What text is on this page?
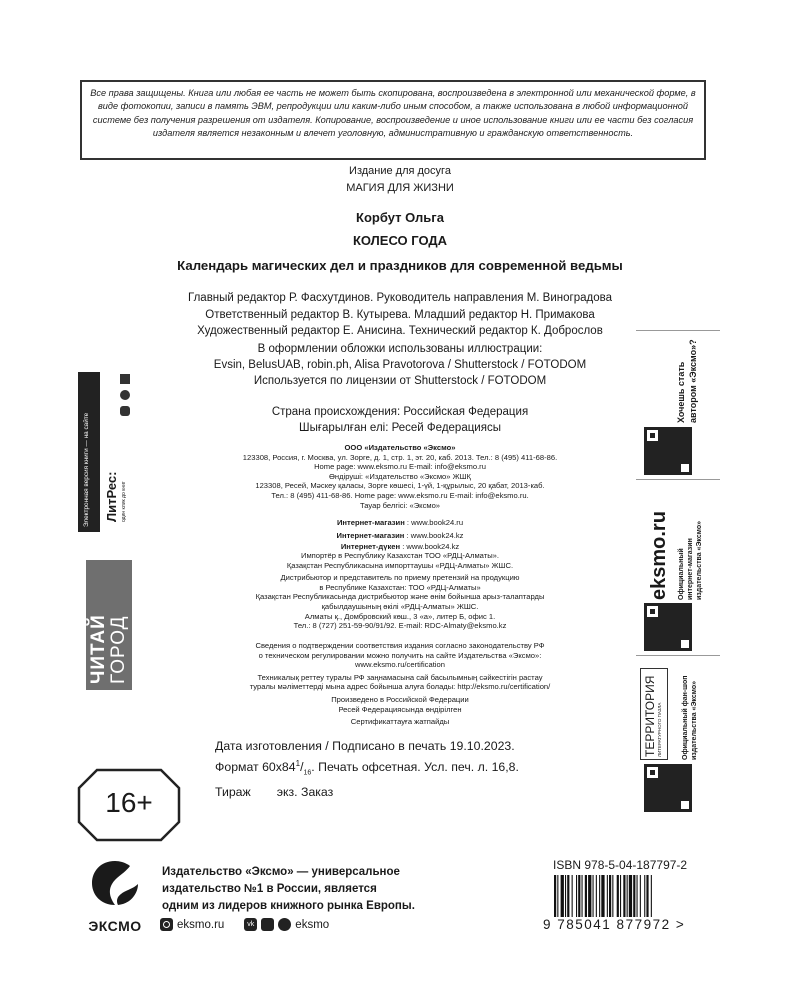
Все права защищены. Книга или любая ее часть не может быть скопирована, воспроизведена в электронной или механической форме, в виде фотокопии, записи в память ЭВМ, репродукции или каким-либо иным способом, а также использована в любой информационной системе без получения разрешения от издателя. Копирование, воспроизведение и иное использование книги или ее части без согласия издателя является незаконным и влечет уголовную, административную и гражданскую ответственность.
Издание для досуга
МАГИЯ ДЛЯ ЖИЗНИ
Корбут Ольга
КОЛЕСО ГОДА
Календарь магических дел и праздников для современной ведьмы
Главный редактор Р. Фасхутдинов. Руководитель направления М. Виноградова
Ответственный редактор В. Кутырева. Младший редактор Н. Примакова
Художественный редактор Е. Анисина. Технический редактор К. Доброслов
В оформлении обложки использованы иллюстрации:
Evsin, BelusUAB, robin.ph, Alisa Pravotorova / Shutterstock / FOTODOM
Используется по лицензии от Shutterstock / FOTODOM
Страна происхождения: Российская Федерация
Шығарылған елі: Ресей Федерациясы
ООО «Издательство «Эксмо»
123308, Россия, г. Москва, ул. Зорге, д. 1, стр. 1, эт. 20, каб. 2013. Тел.: 8 (495) 411-68-86.
Home page: www.eksmo.ru E-mail: info@eksmo.ru
Өндіруші: «Издательство «Эксмо» ЖШҚ
123308, Ресей, Мәскеу қаласы, Зорге көшесі, 1-үй, 1-құрылыс, 20 қабат, 2013-каб.
Тел.: 8 (495) 411-68-86. Home page: www.eksmo.ru E-mail: info@eksmo.ru.
Тауар белгісі: «Эксмо»
Интернет-магазин : www.book24.ru
Интернет-магазин : www.book24.kz
Интернет-дүкен : www.book24.kz
Импортёр в Республику Казахстан ТОО «РДЦ-Алматы».
Қазақстан Республикасына импорттаушы «РДЦ-Алматы» ЖШС.
Дистрибьютор и представитель по приему претензий на продукцию
в Республике Казахстан: ТОО «РДЦ-Алматы»
Қазақстан Республикасында дистрибьютор және өнім бойынша арыз-талаптарды
қабылдаушының өкілі «РДЦ-Алматы» ЖШС.
Алматы қ., Домбровский көш., 3 «а», литер Б, офис 1.
Тел.: 8 (727) 251-59-90/91/92. E-mail: RDC-Almaty@eksmo.kz
Сведения о подтверждении соответствия издания согласно законодательству РФ
о техническом регулировании можно получить на сайте Издательства «Эксмо»:
www.eksmo.ru/certification
Техникалық реттеу туралы РФ заңнамасына сай басылымның сәйкестігін растау
туралы мәліметтерді мына адрес бойынша алуға болады: http://eksmo.ru/certification/
Произведено в Российской Федерации
Ресей Федерациясында өндірілген
Сертификаттауға жатпайды
Дата изготовления / Подписано в печать 19.10.2023.
Формат $60x84^1/_{16}$. Печать офсетная. Усл. печ. л. 16,8.
Тираж экз. Заказ
16+
ЭКСМО
Издательство «Эксмо» — универсальное
издательство №1 в России, является
одним из лидеров книжного рынка Европы.
eksmo.ru	vk	eksmo
ISBN 978-5-04-187797-2
9 785041 877972 >
Электронная версия книги — на сайте ЛитРес: один клик до книг
ЧИТАЙ ГОРОД
Хочешь стать автором «Эксмо»?
eksmo.ru Официальный интернет-магазин издательства «Эксмо»
ТЕРРИТОРИЯ ЛИТЕРАТУРНОГО ПАЗЛА	Официальный фан-шоп издательства «Эксмо»
